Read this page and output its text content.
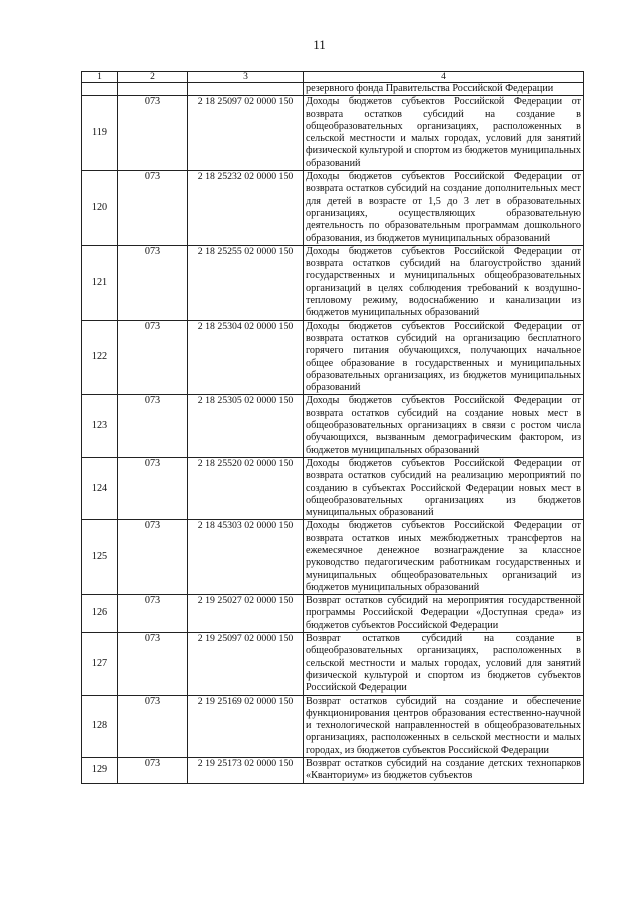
11
1	2	3	4
			резервного фонда Правительства Российской Федерации
119	073	2 18 25097 02 0000 150	Доходы бюджетов субъектов Российской Федерации от возврата остатков субсидий на создание в общеобразовательных организациях, расположенных в сельской местности и малых городах, условий для занятий физической культурой и спортом из бюджетов муниципальных образований
120	073	2 18 25232 02 0000 150	Доходы бюджетов субъектов Российской Федерации от возврата остатков субсидий на создание дополнительных мест для детей в возрасте от 1,5 до 3 лет в образовательных организациях, осуществляющих образовательную деятельность по образовательным программам дошкольного образования, из бюджетов муниципальных образований
121	073	2 18 25255 02 0000 150	Доходы бюджетов субъектов Российской Федерации от возврата остатков субсидий на благоустройство зданий государственных и муниципальных общеобразовательных организаций в целях соблюдения требований к воздушно-тепловому режиму, водоснабжению и канализации из бюджетов муниципальных образований
122	073	2 18 25304 02 0000 150	Доходы бюджетов субъектов Российской Федерации от возврата остатков субсидий на организацию бесплатного горячего питания обучающихся, получающих начальное общее образование в государственных и муниципальных образовательных организациях, из бюджетов муниципальных образований
123	073	2 18 25305 02 0000 150	Доходы бюджетов субъектов Российской Федерации от возврата остатков субсидий на создание новых мест в общеобразовательных организациях в связи с ростом числа обучающихся, вызванным демографическим фактором, из бюджетов муниципальных образований
124	073	2 18 25520 02 0000 150	Доходы бюджетов субъектов Российской Федерации от возврата остатков субсидий на реализацию мероприятий по созданию в субъектах Российской Федерации новых мест в общеобразовательных организациях из бюджетов муниципальных образований
125	073	2 18 45303 02 0000 150	Доходы бюджетов субъектов Российской Федерации от возврата остатков иных межбюджетных трансфертов на ежемесячное денежное вознаграждение за классное руководство педагогическим работникам государственных и муниципальных общеобразовательных организаций из бюджетов муниципальных образований
126	073	2 19 25027 02 0000 150	Возврат остатков субсидий на мероприятия государственной программы Российской Федерации «Доступная среда» из бюджетов субъектов Российской Федерации
127	073	2 19 25097 02 0000 150	Возврат остатков субсидий на создание в общеобразовательных организациях, расположенных в сельской местности и малых городах, условий для занятий физической культурой и спортом из бюджетов субъектов Российской Федерации
128	073	2 19 25169 02 0000 150	Возврат остатков субсидий на создание и обеспечение функционирования центров образования естественно-научной и технологической направленностей в общеобразовательных организациях, расположенных в сельской местности и малых городах, из бюджетов субъектов Российской Федерации
129	073	2 19 25173 02 0000 150	Возврат остатков субсидий на создание детских технопарков «Кванториум» из бюджетов субъектов
